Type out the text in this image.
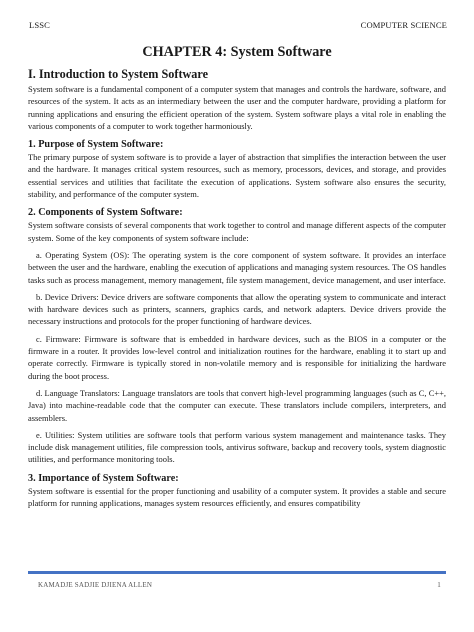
LSSC	COMPUTER SCIENCE
CHAPTER 4: System Software
I. Introduction to System Software

System software is a fundamental component of a computer system that manages and controls the hardware, software, and resources of the system. It acts as an intermediary between the user and the computer hardware, providing a platform for running applications and ensuring the efficient operation of the system. System software plays a vital role in enabling the various components of a computer to work together harmoniously.

1. Purpose of System Software:

The primary purpose of system software is to provide a layer of abstraction that simplifies the interaction between the user and the hardware. It manages critical system resources, such as memory, processors, devices, and storage, and provides essential services and utilities that facilitate the execution of applications. System software also ensures the security, stability, and performance of the computer system.

2. Components of System Software:

System software consists of several components that work together to control and manage different aspects of the computer system. Some of the key components of system software include:

a. Operating System (OS): The operating system is the core component of system software. It provides an interface between the user and the hardware, enabling the execution of applications and managing system resources. The OS handles tasks such as process management, memory management, file system management, device management, and user interface.

b. Device Drivers: Device drivers are software components that allow the operating system to communicate and interact with hardware devices such as printers, scanners, graphics cards, and network adapters. Device drivers provide the necessary instructions and protocols for the proper functioning of hardware devices.

c. Firmware: Firmware is software that is embedded in hardware devices, such as the BIOS in a computer or the firmware in a router. It provides low-level control and initialization routines for the hardware, enabling it to start up and operate correctly. Firmware is typically stored in non-volatile memory and is responsible for initializing the hardware during the boot process.

d. Language Translators: Language translators are tools that convert high-level programming languages (such as C, C++, Java) into machine-readable code that the computer can execute. These translators include compilers, interpreters, and assemblers.

e. Utilities: System utilities are software tools that perform various system management and maintenance tasks. They include disk management utilities, file compression tools, antivirus software, backup and recovery tools, system diagnostic utilities, and performance monitoring tools.

3. Importance of System Software:

System software is essential for the proper functioning and usability of a computer system. It provides a stable and secure platform for running applications, manages system resources efficiently, and ensures compatibility

KAMADJE SADJIE DJIENA ALLEN	1
